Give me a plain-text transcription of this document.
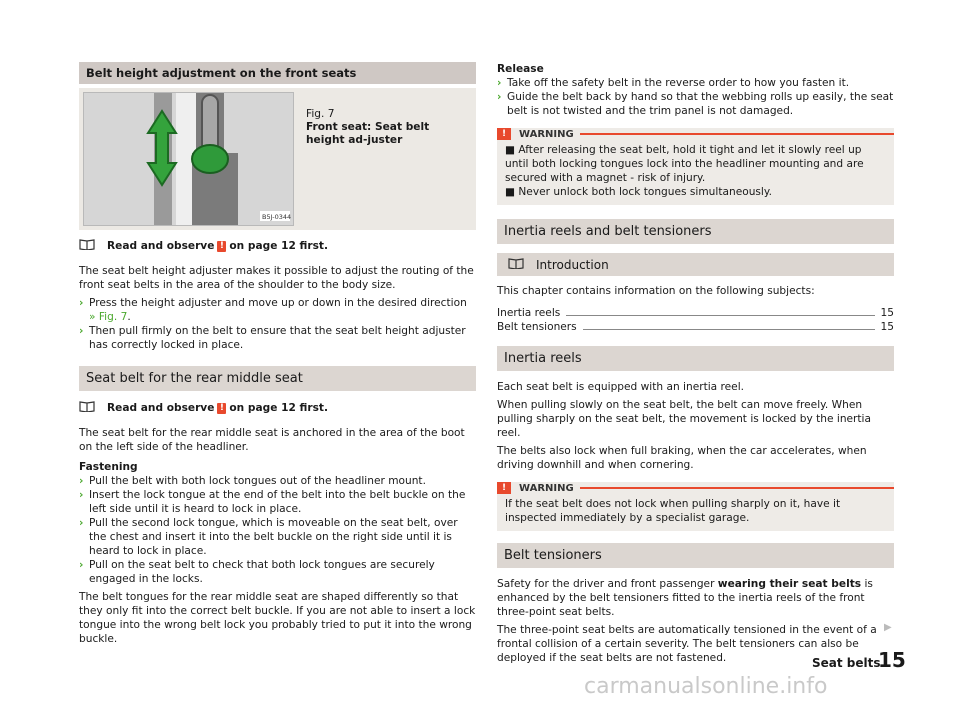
Belt height adjustment on the front seats
B5J-0344
Fig. 7
Front seat: Seat belt height ad-juster
Read and observe ! on page 12 first.

The seat belt height adjuster makes it possible to adjust the routing of the front seat belts in the area of the shoulder to the body size.

› Press the height adjuster and move up or down in the desired direction » Fig. 7.

› Then pull firmly on the belt to ensure that the seat belt height adjuster has correctly locked in place.

Seat belt for the rear middle seat
Read and observe ! on page 12 first.

The seat belt for the rear middle seat is anchored in the area of the boot on the left side of the headliner.

Fastening

› Pull the belt with both lock tongues out of the headliner mount.

› Insert the lock tongue at the end of the belt into the belt buckle on the left side until it is heard to lock in place.

› Pull the second lock tongue, which is moveable on the seat belt, over the chest and insert it into the belt buckle on the right side until it is heard to lock in place.

› Pull on the seat belt to check that both lock tongues are securely engaged in the locks.

The belt tongues for the rear middle seat are shaped differently so that they only fit into the correct belt buckle. If you are not able to insert a lock tongue into the wrong belt lock you probably tried to put it into the wrong buckle.

Release

› Take off the safety belt in the reverse order to how you fasten it.

› Guide the belt back by hand so that the webbing rolls up easily, the seat belt is not twisted and the trim panel is not damaged.

!	WARNING
■ After releasing the seat belt, hold it tight and let it slowly reel up until both locking tongues lock into the headliner mounting and are secured with a magnet - risk of injury.
■ Never unlock both lock tongues simultaneously.
Inertia reels and belt tensioners
Introduction

This chapter contains information on the following subjects:

Inertia reels	15
Belt tensioners	15
Inertia reels

Each seat belt is equipped with an inertia reel.

When pulling slowly on the seat belt, the belt can move freely. When pulling sharply on the seat belt, the movement is locked by the inertia reel.

The belts also lock when full braking, when the car accelerates, when driving downhill and when cornering.

!	WARNING
If the seat belt does not lock when pulling sharply on it, have it inspected immediately by a specialist garage.
Belt tensioners

Safety for the driver and front passenger wearing their seat belts is enhanced by the belt tensioners fitted to the inertia reels of the front three-point seat belts.

The three-point seat belts are automatically tensioned in the event of a frontal collision of a certain severity. The belt tensioners can also be deployed if the seat belts are not fastened.

▶
Seat belts
15
carmanualsonline.info
